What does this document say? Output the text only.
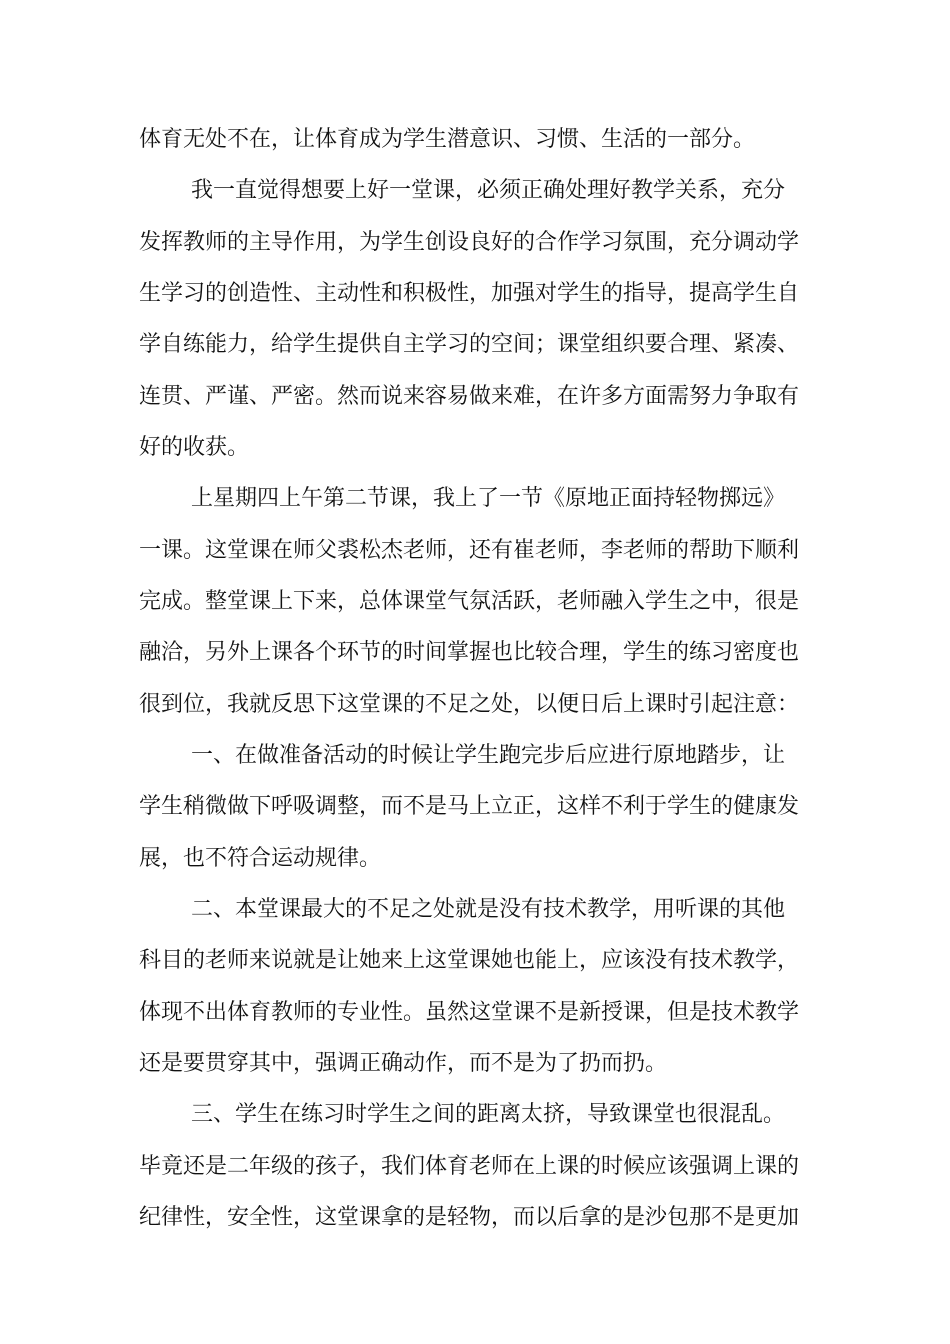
体育无处不在，让体育成为学生潜意识、习惯、生活的一部分。
我一直觉得想要上好一堂课，必须正确处理好教学关系，充分
发挥教师的主导作用，为学生创设良好的合作学习氛围，充分调动学
生学习的创造性、主动性和积极性，加强对学生的指导，提高学生自
学自练能力，给学生提供自主学习的空间；课堂组织要合理、紧凑、
连贯、严谨、严密。然而说来容易做来难，在许多方面需努力争取有
好的收获。
上星期四上午第二节课，我上了一节《原地正面持轻物掷远》
一课。这堂课在师父裘松杰老师，还有崔老师，李老师的帮助下顺利
完成。整堂课上下来，总体课堂气氛活跃，老师融入学生之中，很是
融洽，另外上课各个环节的时间掌握也比较合理，学生的练习密度也
很到位，我就反思下这堂课的不足之处，以便日后上课时引起注意：
一、在做准备活动的时候让学生跑完步后应进行原地踏步，让
学生稍微做下呼吸调整，而不是马上立正，这样不利于学生的健康发
展，也不符合运动规律。
二、本堂课最大的不足之处就是没有技术教学，用听课的其他
科目的老师来说就是让她来上这堂课她也能上，应该没有技术教学，
体现不出体育教师的专业性。虽然这堂课不是新授课，但是技术教学
还是要贯穿其中，强调正确动作，而不是为了扔而扔。
三、学生在练习时学生之间的距离太挤，导致课堂也很混乱。
毕竟还是二年级的孩子，我们体育老师在上课的时候应该强调上课的
纪律性，安全性，这堂课拿的是轻物，而以后拿的是沙包那不是更加
